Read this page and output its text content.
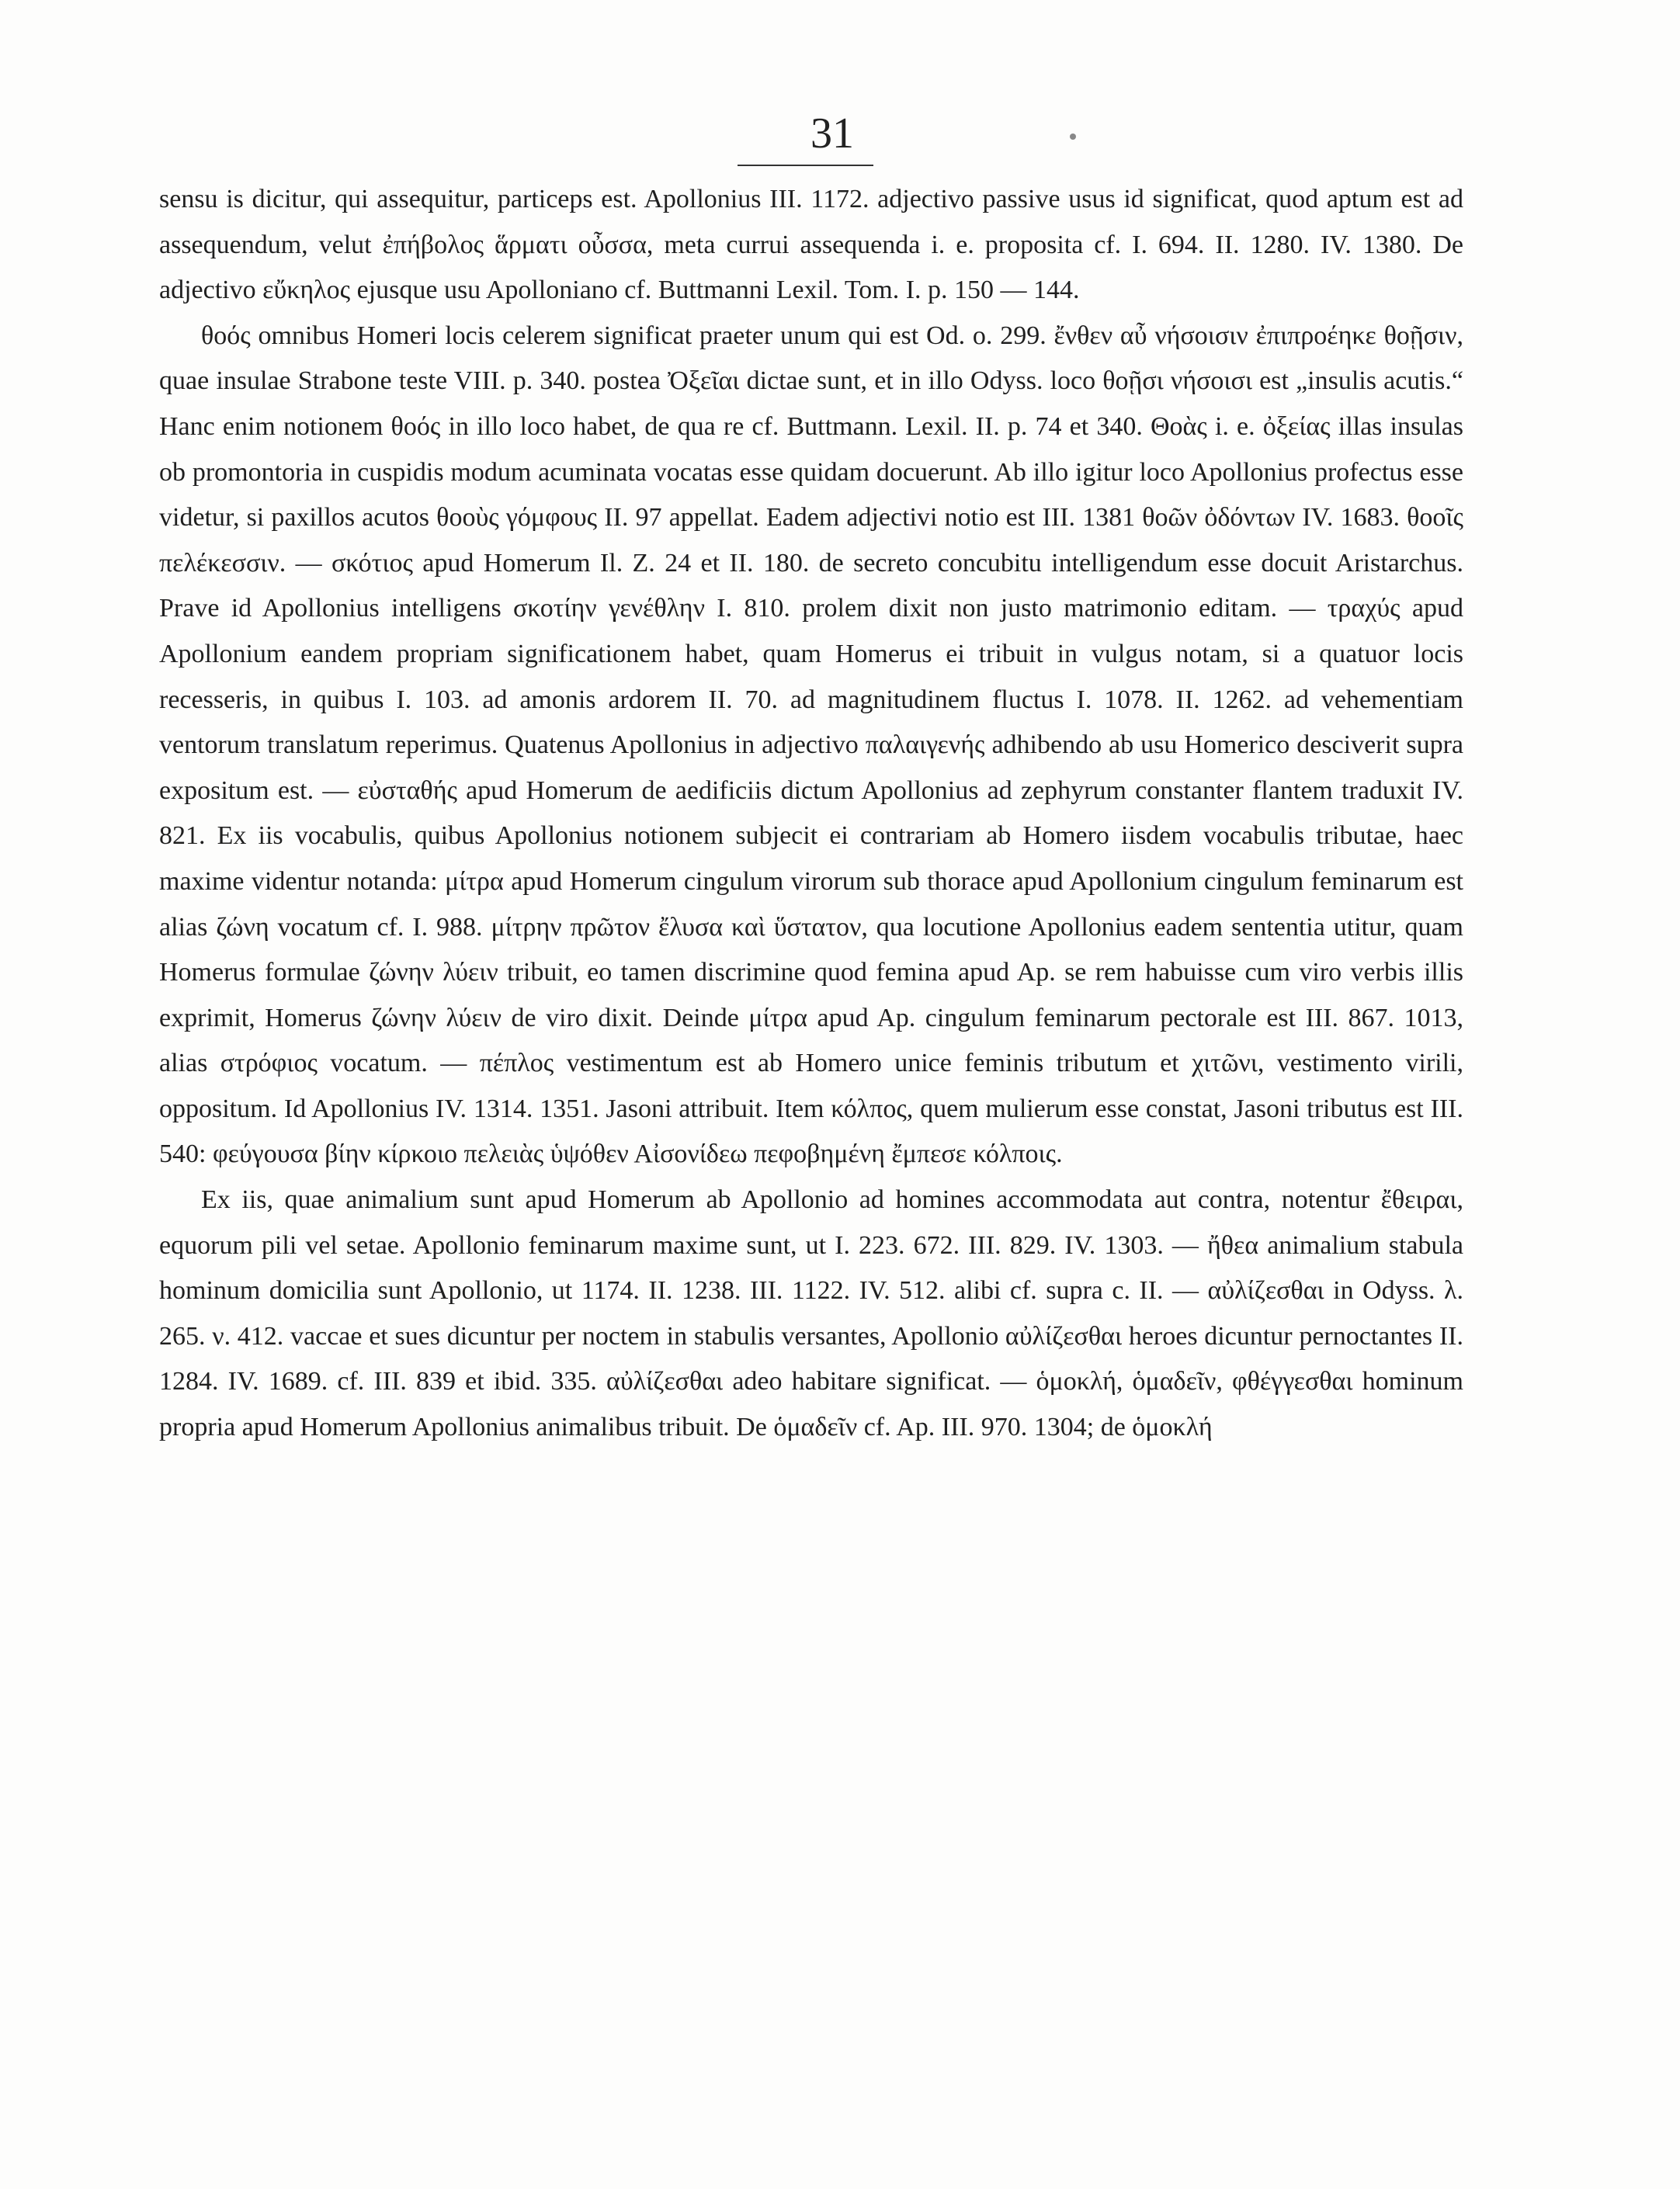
31

sensu is dicitur, qui assequitur, particeps est. Apollonius III. 1172. adjectivo passive usus id significat, quod aptum est ad assequendum, velut ἐπήβολος ἅρματι οὖσσα, meta currui assequenda i. e. proposita cf. I. 694. II. 1280. IV. 1380. De adjectivo εὔκηλος ejusque usu Apolloniano cf. Buttmanni Lexil. Tom. I. p. 150 — 144.

θοός omnibus Homeri locis celerem significat praeter unum qui est Od. ο. 299. ἔνθεν αὖ νήσοισιν ἐπιπροέηκε θοῇσιν, quae insulae Strabone teste VIII. p. 340. postea Ὀξεῖαι dictae sunt, et in illo Odyss. loco θοῇσι νήσοισι est „insulis acutis.“ Hanc enim notionem θοός in illo loco habet, de qua re cf. Buttmann. Lexil. II. p. 74 et 340. Θοὰς i. e. ὀξείας illas insulas ob promontoria in cuspidis modum acuminata vocatas esse quidam docuerunt. Ab illo igitur loco Apollonius profectus esse videtur, si paxillos acutos θοοὺς γόμφους II. 97 appellat. Eadem adjectivi notio est III. 1381 θοῶν ὀδόντων IV. 1683. θοοῖς πελέκεσσιν. — σκότιος apud Homerum Il. Z. 24 et II. 180. de secreto concubitu intelligendum esse docuit Aristarchus. Prave id Apollonius intelligens σκοτίην γενέθλην I. 810. prolem dixit non justo matrimonio editam. — τραχύς apud Apollonium eandem propriam significationem habet, quam Homerus ei tribuit in vulgus notam, si a quatuor locis recesseris, in quibus I. 103. ad amonis ardorem II. 70. ad magnitudinem fluctus I. 1078. II. 1262. ad vehementiam ventorum translatum reperimus. Quatenus Apollonius in adjectivo παλαιγενής adhibendo ab usu Homerico desciverit supra expositum est. — εὐσταθής apud Homerum de aedificiis dictum Apollonius ad zephyrum constanter flantem traduxit IV. 821. Ex iis vocabulis, quibus Apollonius notionem subjecit ei contrariam ab Homero iisdem vocabulis tributae, haec maxime videntur notanda: μίτρα apud Homerum cingulum virorum sub thorace apud Apollonium cingulum feminarum est alias ζώνη vocatum cf. I. 988. μίτρην πρῶτον ἔλυσα καὶ ὕστατον, qua locutione Apollonius eadem sententia utitur, quam Homerus formulae ζώνην λύειν tribuit, eo tamen discrimine quod femina apud Ap. se rem habuisse cum viro verbis illis exprimit, Homerus ζώνην λύειν de viro dixit. Deinde μίτρα apud Ap. cingulum feminarum pectorale est III. 867. 1013, alias στρόφιος vocatum. — πέπλος vestimentum est ab Homero unice feminis tributum et χιτῶνι, vestimento virili, oppositum. Id Apollonius IV. 1314. 1351. Jasoni attribuit. Item κόλπος, quem mulierum esse constat, Jasoni tributus est III. 540: φεύγουσα βίην κίρκοιο πελειὰς ὑψόθεν Αἰσονίδεω πεφοβημένη ἔμπεσε κόλποις.

Ex iis, quae animalium sunt apud Homerum ab Apollonio ad homines accommodata aut contra, notentur ἔθειραι, equorum pili vel setae. Apollonio feminarum maxime sunt, ut I. 223. 672. III. 829. IV. 1303. — ἤθεα animalium stabula hominum domicilia sunt Apollonio, ut 1174. II. 1238. III. 1122. IV. 512. alibi cf. supra c. II. — αὐλίζεσθαι in Odyss. λ. 265. ν. 412. vaccae et sues dicuntur per noctem in stabulis versantes, Apollonio αὐλίζεσθαι heroes dicuntur pernoctantes II. 1284. IV. 1689. cf. III. 839 et ibid. 335. αὐλίζεσθαι adeo habitare significat. — ὁμοκλή, ὁμαδεῖν, φθέγγεσθαι hominum propria apud Homerum Apollonius animalibus tribuit. De ὁμαδεῖν cf. Ap. III. 970. 1304; de ὁμοκλή
